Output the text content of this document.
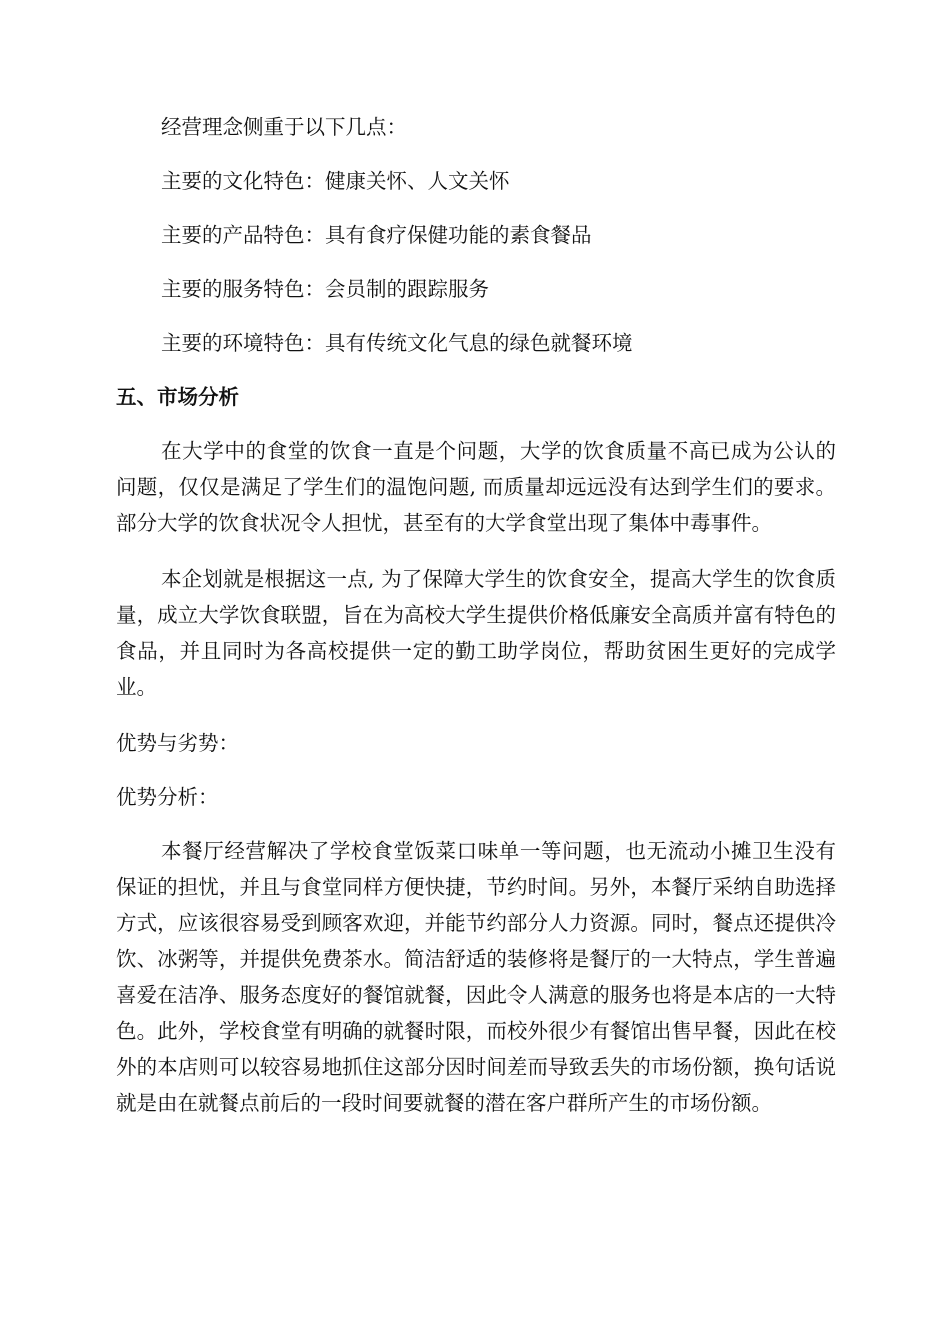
经营理念侧重于以下几点：

主要的文化特色：健康关怀、人文关怀

主要的产品特色：具有食疗保健功能的素食餐品

主要的服务特色：会员制的跟踪服务

主要的环境特色：具有传统文化气息的绿色就餐环境

五、市场分析

在大学中的食堂的饮食一直是个问题，大学的饮食质量不高已成为公认的问题，仅仅是满足了学生们的温饱问题, 而质量却远远没有达到学生们的要求。部分大学的饮食状况令人担忧，甚至有的大学食堂出现了集体中毒事件。

本企划就是根据这一点, 为了保障大学生的饮食安全，提高大学生的饮食质量，成立大学饮食联盟，旨在为高校大学生提供价格低廉安全高质并富有特色的食品，并且同时为各高校提供一定的勤工助学岗位，帮助贫困生更好的完成学业。

优势与劣势：

优势分析：

本餐厅经营解决了学校食堂饭菜口味单一等问题，也无流动小摊卫生没有保证的担忧，并且与食堂同样方便快捷，节约时间。另外，本餐厅采纳自助选择方式，应该很容易受到顾客欢迎，并能节约部分人力资源。同时，餐点还提供冷饮、冰粥等，并提供免费茶水。简洁舒适的装修将是餐厅的一大特点，学生普遍喜爱在洁净、服务态度好的餐馆就餐，因此令人满意的服务也将是本店的一大特色。此外，学校食堂有明确的就餐时限，而校外很少有餐馆出售早餐，因此在校外的本店则可以较容易地抓住这部分因时间差而导致丢失的市场份额，换句话说就是由在就餐点前后的一段时间要就餐的潜在客户群所产生的市场份额。
